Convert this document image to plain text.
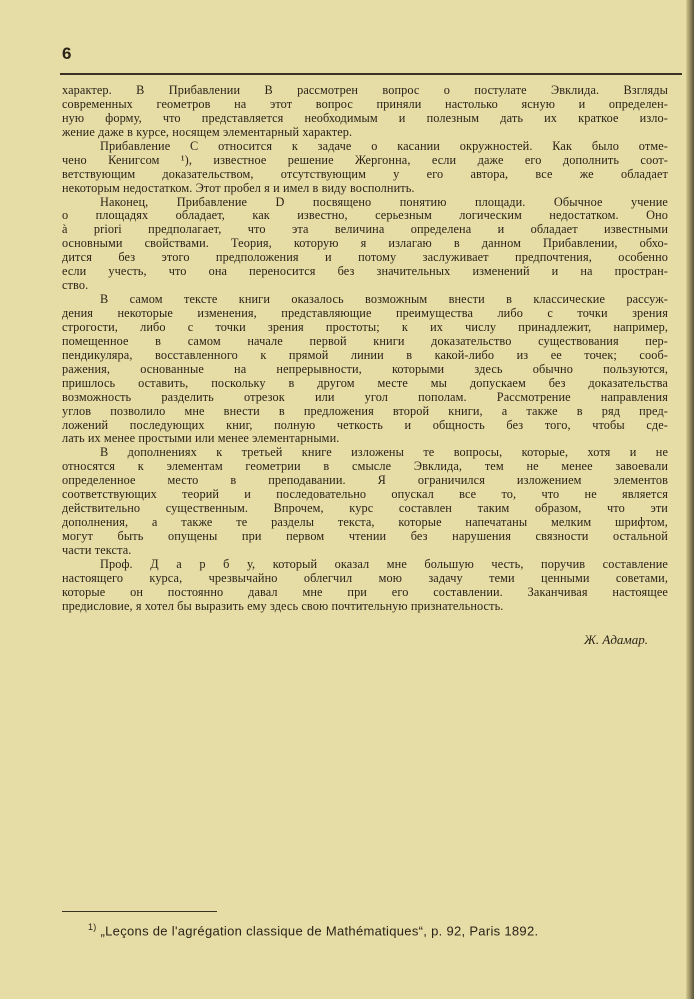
6
характер. В Прибавлении B рассмотрен вопрос о постулате Эвклида. Взгляды
современных геометров на этот вопрос приняли настолько ясную и определен-
ную форму, что представляется необходимым и полезным дать их краткое изло-
жение даже в курсе, носящем элементарный характер.
Прибавление C относится к задаче о касании окружностей. Как было отме-
чено Кенигсом ¹), известное решение Жергонна, если даже его дополнить соот-
ветствующим доказательством, отсутствующим у его автора, все же обладает
некоторым недостатком. Этот пробел я и имел в виду восполнить.
Наконец, Прибавление D посвящено понятию площади. Обычное учение
о площадях обладает, как известно, серьезным логическим недостатком. Оно
à priori предполагает, что эта величина определена и обладает известными
основными свойствами. Теория, которую я излагаю в данном Прибавлении, обхо-
дится без этого предположения и потому заслуживает предпочтения, особенно
если учесть, что она переносится без значительных изменений и на простран-
ство.
В самом тексте книги оказалось возможным внести в классические рассуж-
дения некоторые изменения, представляющие преимущества либо с точки зрения
строгости, либо с точки зрения простоты; к их числу принадлежит, например,
помещенное в самом начале первой книги доказательство существования пер-
пендикуляра, восставленного к прямой линии в какой-либо из ее точек; сооб-
ражения, основанные на непрерывности, которыми здесь обычно пользуются,
пришлось оставить, поскольку в другом месте мы допускаем без доказательства
возможность разделить отрезок или угол пополам. Рассмотрение направления
углов позволило мне внести в предложения второй книги, а также в ряд пред-
ложений последующих книг, полную четкость и общность без того, чтобы сде-
лать их менее простыми или менее элементарными.
В дополнениях к третьей книге изложены те вопросы, которые, хотя и не
относятся к элементам геометрии в смысле Эвклида, тем не менее завоевали
определенное место в преподавании. Я ограничился изложением элементов
соответствующих теорий и последовательно опускал все то, что не является
действительно существенным. Впрочем, курс составлен таким образом, что эти
дополнения, а также те разделы текста, которые напечатаны мелким шрифтом,
могут быть опущены при первом чтении без нарушения связности остальной
части текста.
Проф. Д а р б у, который оказал мне большую честь, поручив составление
настоящего курса, чрезвычайно облегчил мою задачу теми ценными советами,
которые он постоянно давал мне при его составлении. Заканчивая настоящее
предисловие, я хотел бы выразить ему здесь свою почтительную признательность.
Ж. Адамар.
$^{1)}$ „Leçons de l'agrégation classique de Mathématiques“, p. 92, Paris 1892.
